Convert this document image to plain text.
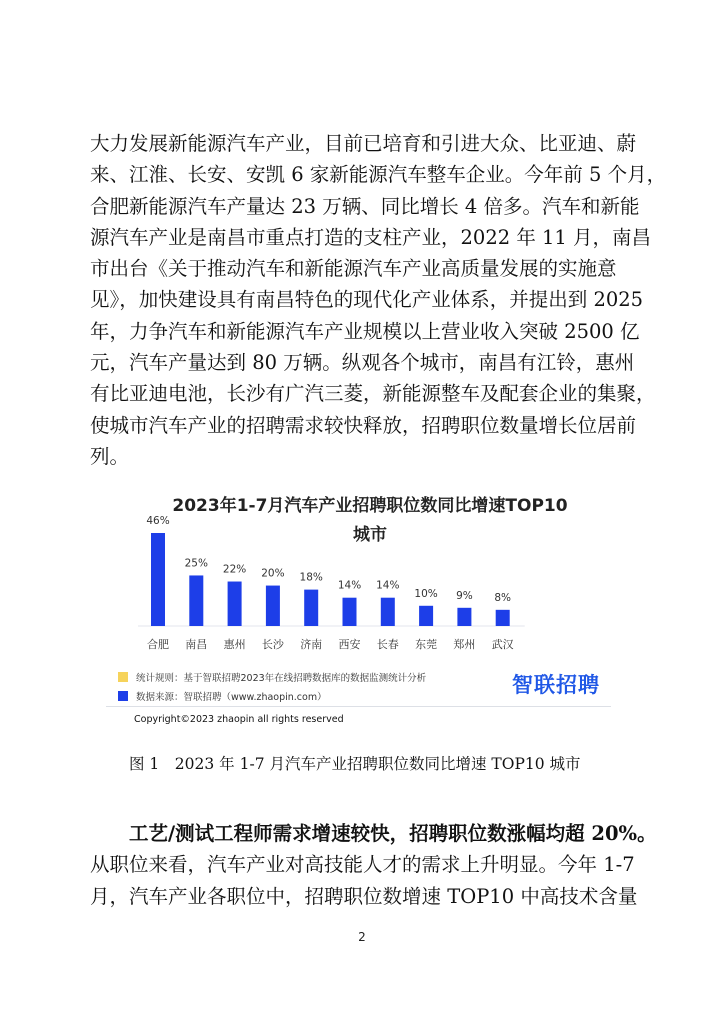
大力发展新能源汽车产业，目前已培育和引进大众、比亚迪、蔚
来、江淮、长安、安凯 6 家新能源汽车整车企业。今年前 5 个月，
合肥新能源汽车产量达 23 万辆、同比增长 4 倍多。汽车和新能
源汽车产业是南昌市重点打造的支柱产业，2022 年 11 月，南昌
市出台《关于推动汽车和新能源汽车产业高质量发展的实施意
见》，加快建设具有南昌特色的现代化产业体系，并提出到 2025
年，力争汽车和新能源汽车产业规模以上营业收入突破 2500 亿
元，汽车产量达到 80 万辆。纵观各个城市，南昌有江铃，惠州
有比亚迪电池，长沙有广汽三菱，新能源整车及配套企业的集聚，
使城市汽车产业的招聘需求较快释放，招聘职位数量增长位居前
列。
2023年1-7月汽车产业招聘职位数同比增速TOP10
城市
46%
合肥
25%
南昌
22%
惠州
20%
长沙
18%
济南
14%
西安
14%
长春
10%
东莞
9%
郑州
8%
武汉
统计规则：基于智联招聘2023年在线招聘数据库的数据监测统计分析
数据来源：智联招聘（www.zhaopin.com）
智联招聘
Copyright©2023 zhaopin all rights reserved
图 1　2023 年 1-7 月汽车产业招聘职位数同比增速 TOP10 城市
工艺/测试工程师需求增速较快，招聘职位数涨幅均超 20%。
从职位来看，汽车产业对高技能人才的需求上升明显。今年 1-7
月，汽车产业各职位中，招聘职位数增速 TOP10 中高技术含量
2
